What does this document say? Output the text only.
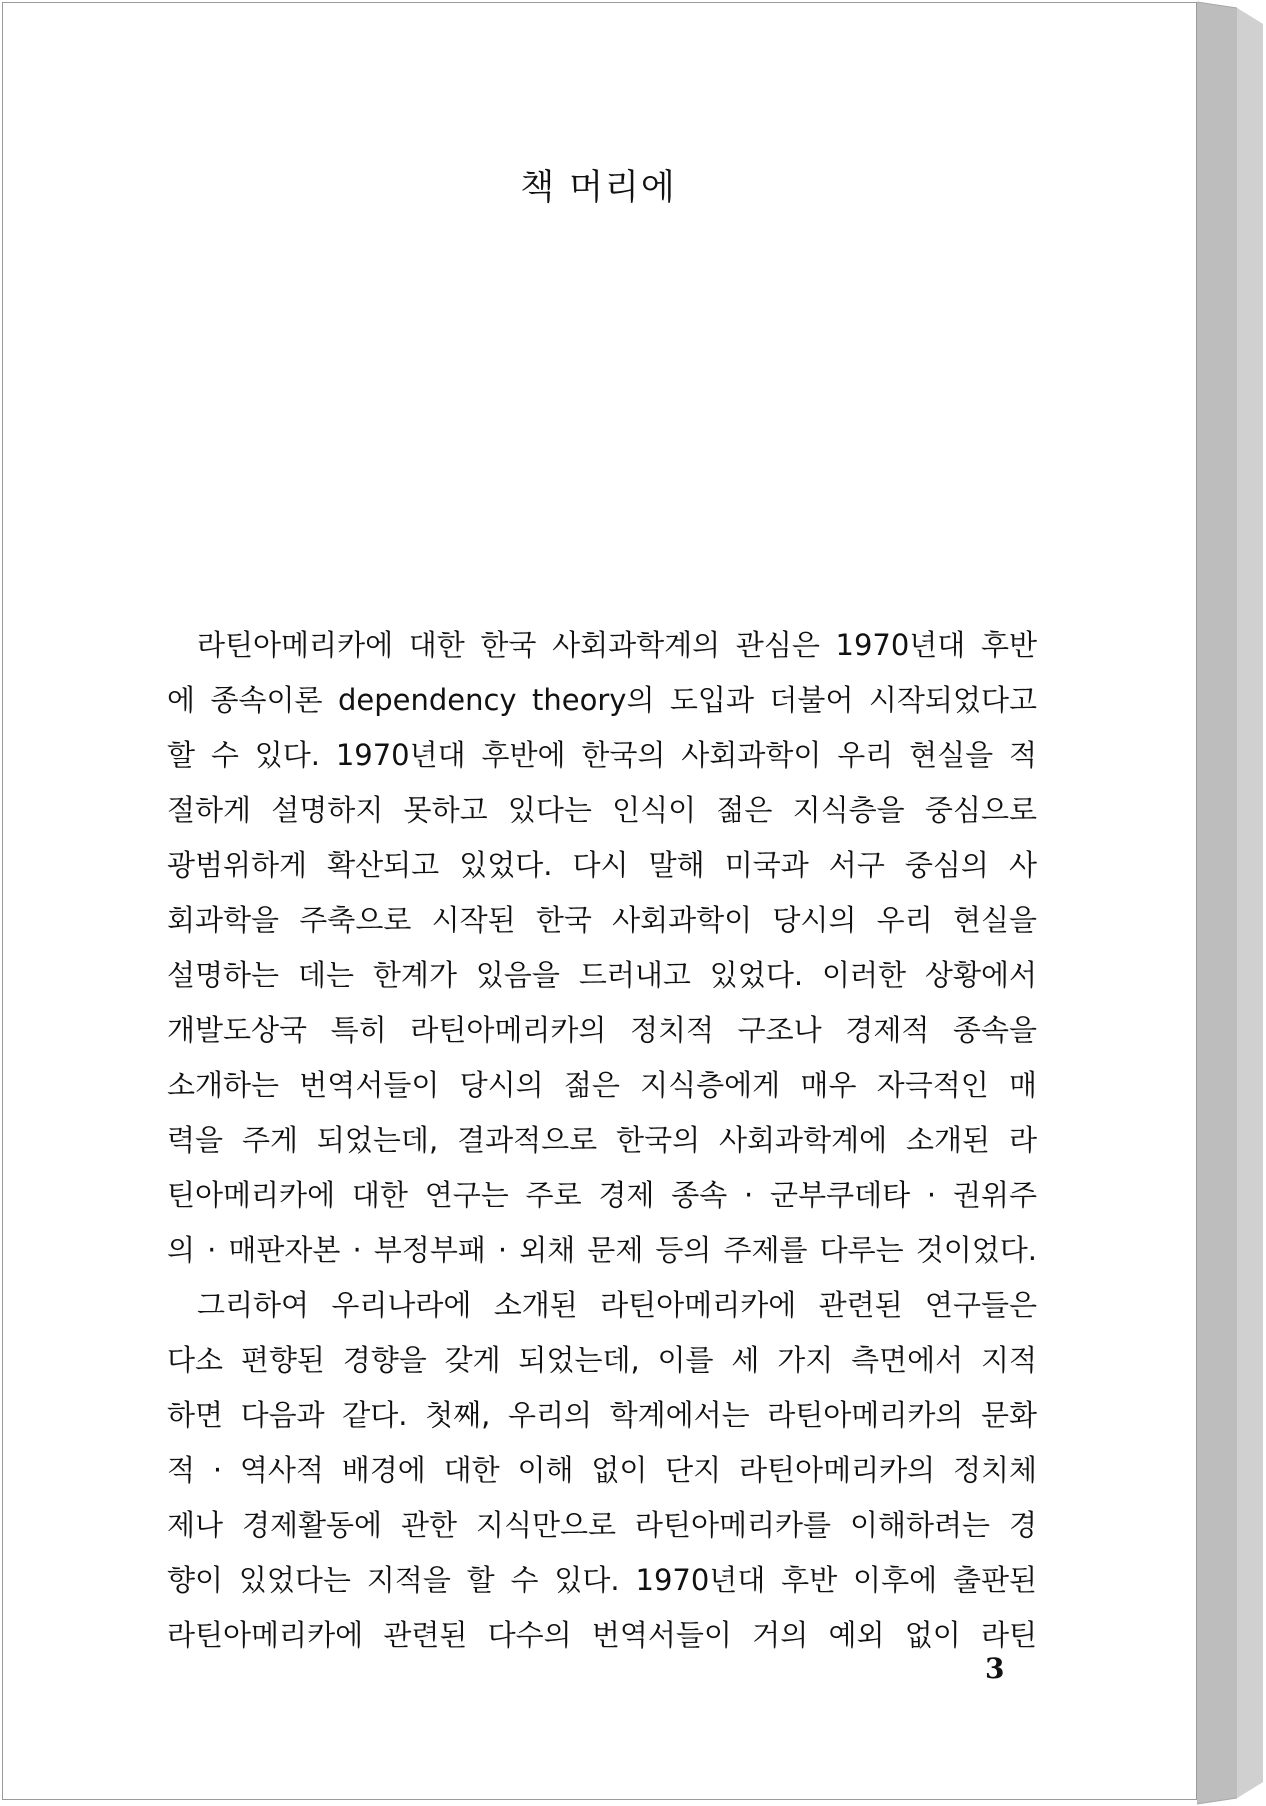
책 머리에
라틴아메리카에 대한 한국 사회과학계의 관심은 1970년대 후반
에 종속이론 dependency theory의 도입과 더불어 시작되었다고
할 수 있다. 1970년대 후반에 한국의 사회과학이 우리 현실을 적
절하게 설명하지 못하고 있다는 인식이 젊은 지식층을 중심으로
광범위하게 확산되고 있었다. 다시 말해 미국과 서구 중심의 사
회과학을 주축으로 시작된 한국 사회과학이 당시의 우리 현실을
설명하는 데는 한계가 있음을 드러내고 있었다. 이러한 상황에서
개발도상국 특히 라틴아메리카의 정치적 구조나 경제적 종속을
소개하는 번역서들이 당시의 젊은 지식층에게 매우 자극적인 매
력을 주게 되었는데, 결과적으로 한국의 사회과학계에 소개된 라
틴아메리카에 대한 연구는 주로 경제 종속 · 군부쿠데타 · 권위주
의 · 매판자본 · 부정부패 · 외채 문제 등의 주제를 다루는 것이었다.
그리하여 우리나라에 소개된 라틴아메리카에 관련된 연구들은
다소 편향된 경향을 갖게 되었는데, 이를 세 가지 측면에서 지적
하면 다음과 같다. 첫째, 우리의 학계에서는 라틴아메리카의 문화
적 · 역사적 배경에 대한 이해 없이 단지 라틴아메리카의 정치체
제나 경제활동에 관한 지식만으로 라틴아메리카를 이해하려는 경
향이 있었다는 지적을 할 수 있다. 1970년대 후반 이후에 출판된
라틴아메리카에 관련된 다수의 번역서들이 거의 예외 없이 라틴
3
